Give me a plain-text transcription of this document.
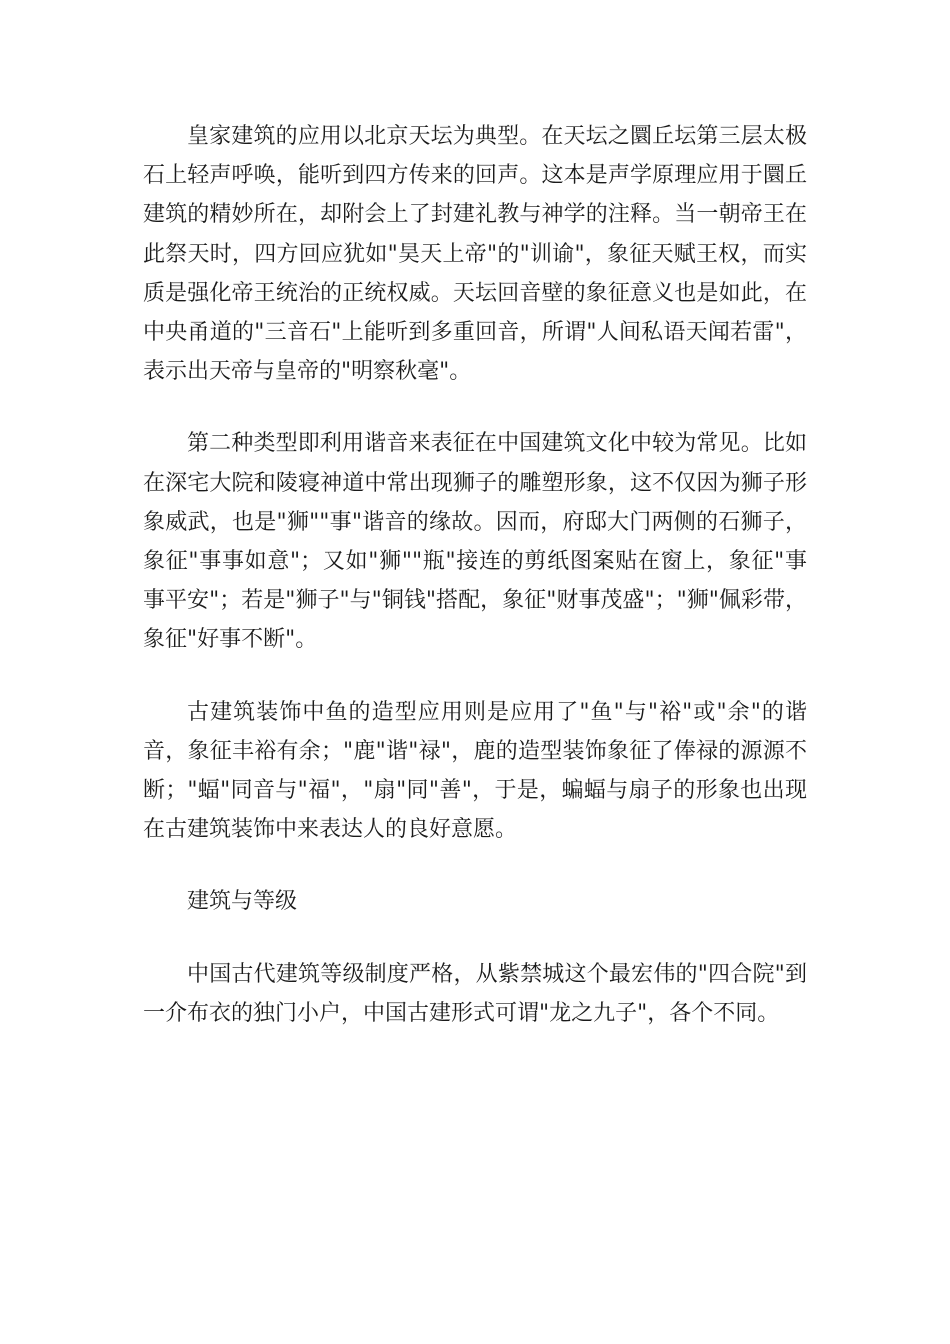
皇家建筑的应用以北京天坛为典型。在天坛之圜丘坛第三层太极石上轻声呼唤，能听到四方传来的回声。这本是声学原理应用于圜丘建筑的精妙所在，却附会上了封建礼教与神学的注释。当一朝帝王在此祭天时，四方回应犹如"昊天上帝"的"训谕"，象征天赋王权，而实质是强化帝王统治的正统权威。天坛回音壁的象征意义也是如此，在中央甬道的"三音石"上能听到多重回音，所谓"人间私语天闻若雷"，表示出天帝与皇帝的"明察秋毫"。

第二种类型即利用谐音来表征在中国建筑文化中较为常见。比如在深宅大院和陵寝神道中常出现狮子的雕塑形象，这不仅因为狮子形象威武，也是"狮""事"谐音的缘故。因而，府邸大门两侧的石狮子，象征"事事如意"；又如"狮""瓶"接连的剪纸图案贴在窗上，象征"事事平安"；若是"狮子"与"铜钱"搭配，象征"财事茂盛"；"狮"佩彩带，象征"好事不断"。

古建筑装饰中鱼的造型应用则是应用了"鱼"与"裕"或"余"的谐音，象征丰裕有余；"鹿"谐"禄"，鹿的造型装饰象征了俸禄的源源不断；"蝠"同音与"福"，"扇"同"善"，于是，蝙蝠与扇子的形象也出现在古建筑装饰中来表达人的良好意愿。

建筑与等级

中国古代建筑等级制度严格，从紫禁城这个最宏伟的"四合院"到一介布衣的独门小户，中国古建形式可谓"龙之九子"，各个不同。
